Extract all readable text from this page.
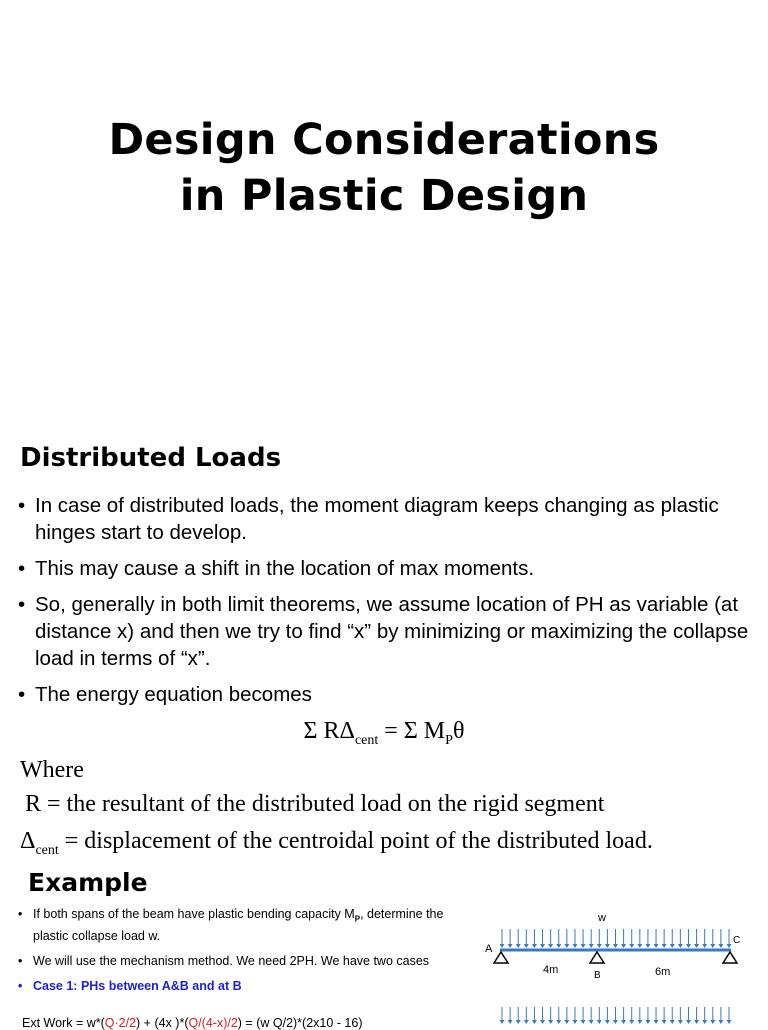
Design Considerations
in Plastic Design
Distributed Loads
• In case of distributed loads, the moment diagram keeps changing as plastic hinges start to develop.
• This may cause a shift in the location of max moments.
• So, generally in both limit theorems, we assume location of PH as variable (at distance x) and then we try to find “x” by minimizing or maximizing the collapse load in terms of “x”.
• The energy equation becomes
Σ $R\Delta_{cent} = \Sigma$ $M_P\theta$
Where
R = the resultant of the distributed load on the rigid segment
$\Delta_{cent}$ = displacement of the centroidal point of the distributed load.
Example
• If both spans of the beam have plastic bending capacity $M_P$, determine the plastic collapse load w.
• We will use the mechanism method. We need 2PH. We have two cases
• Case 1: PHs between A&B and at B
Ext Work = w*(Q·2/2) + (4x )*(Q/(4-x)/2) = (w Q/2)*(2x10 - 16)
w
A
B
C
4m	6m
